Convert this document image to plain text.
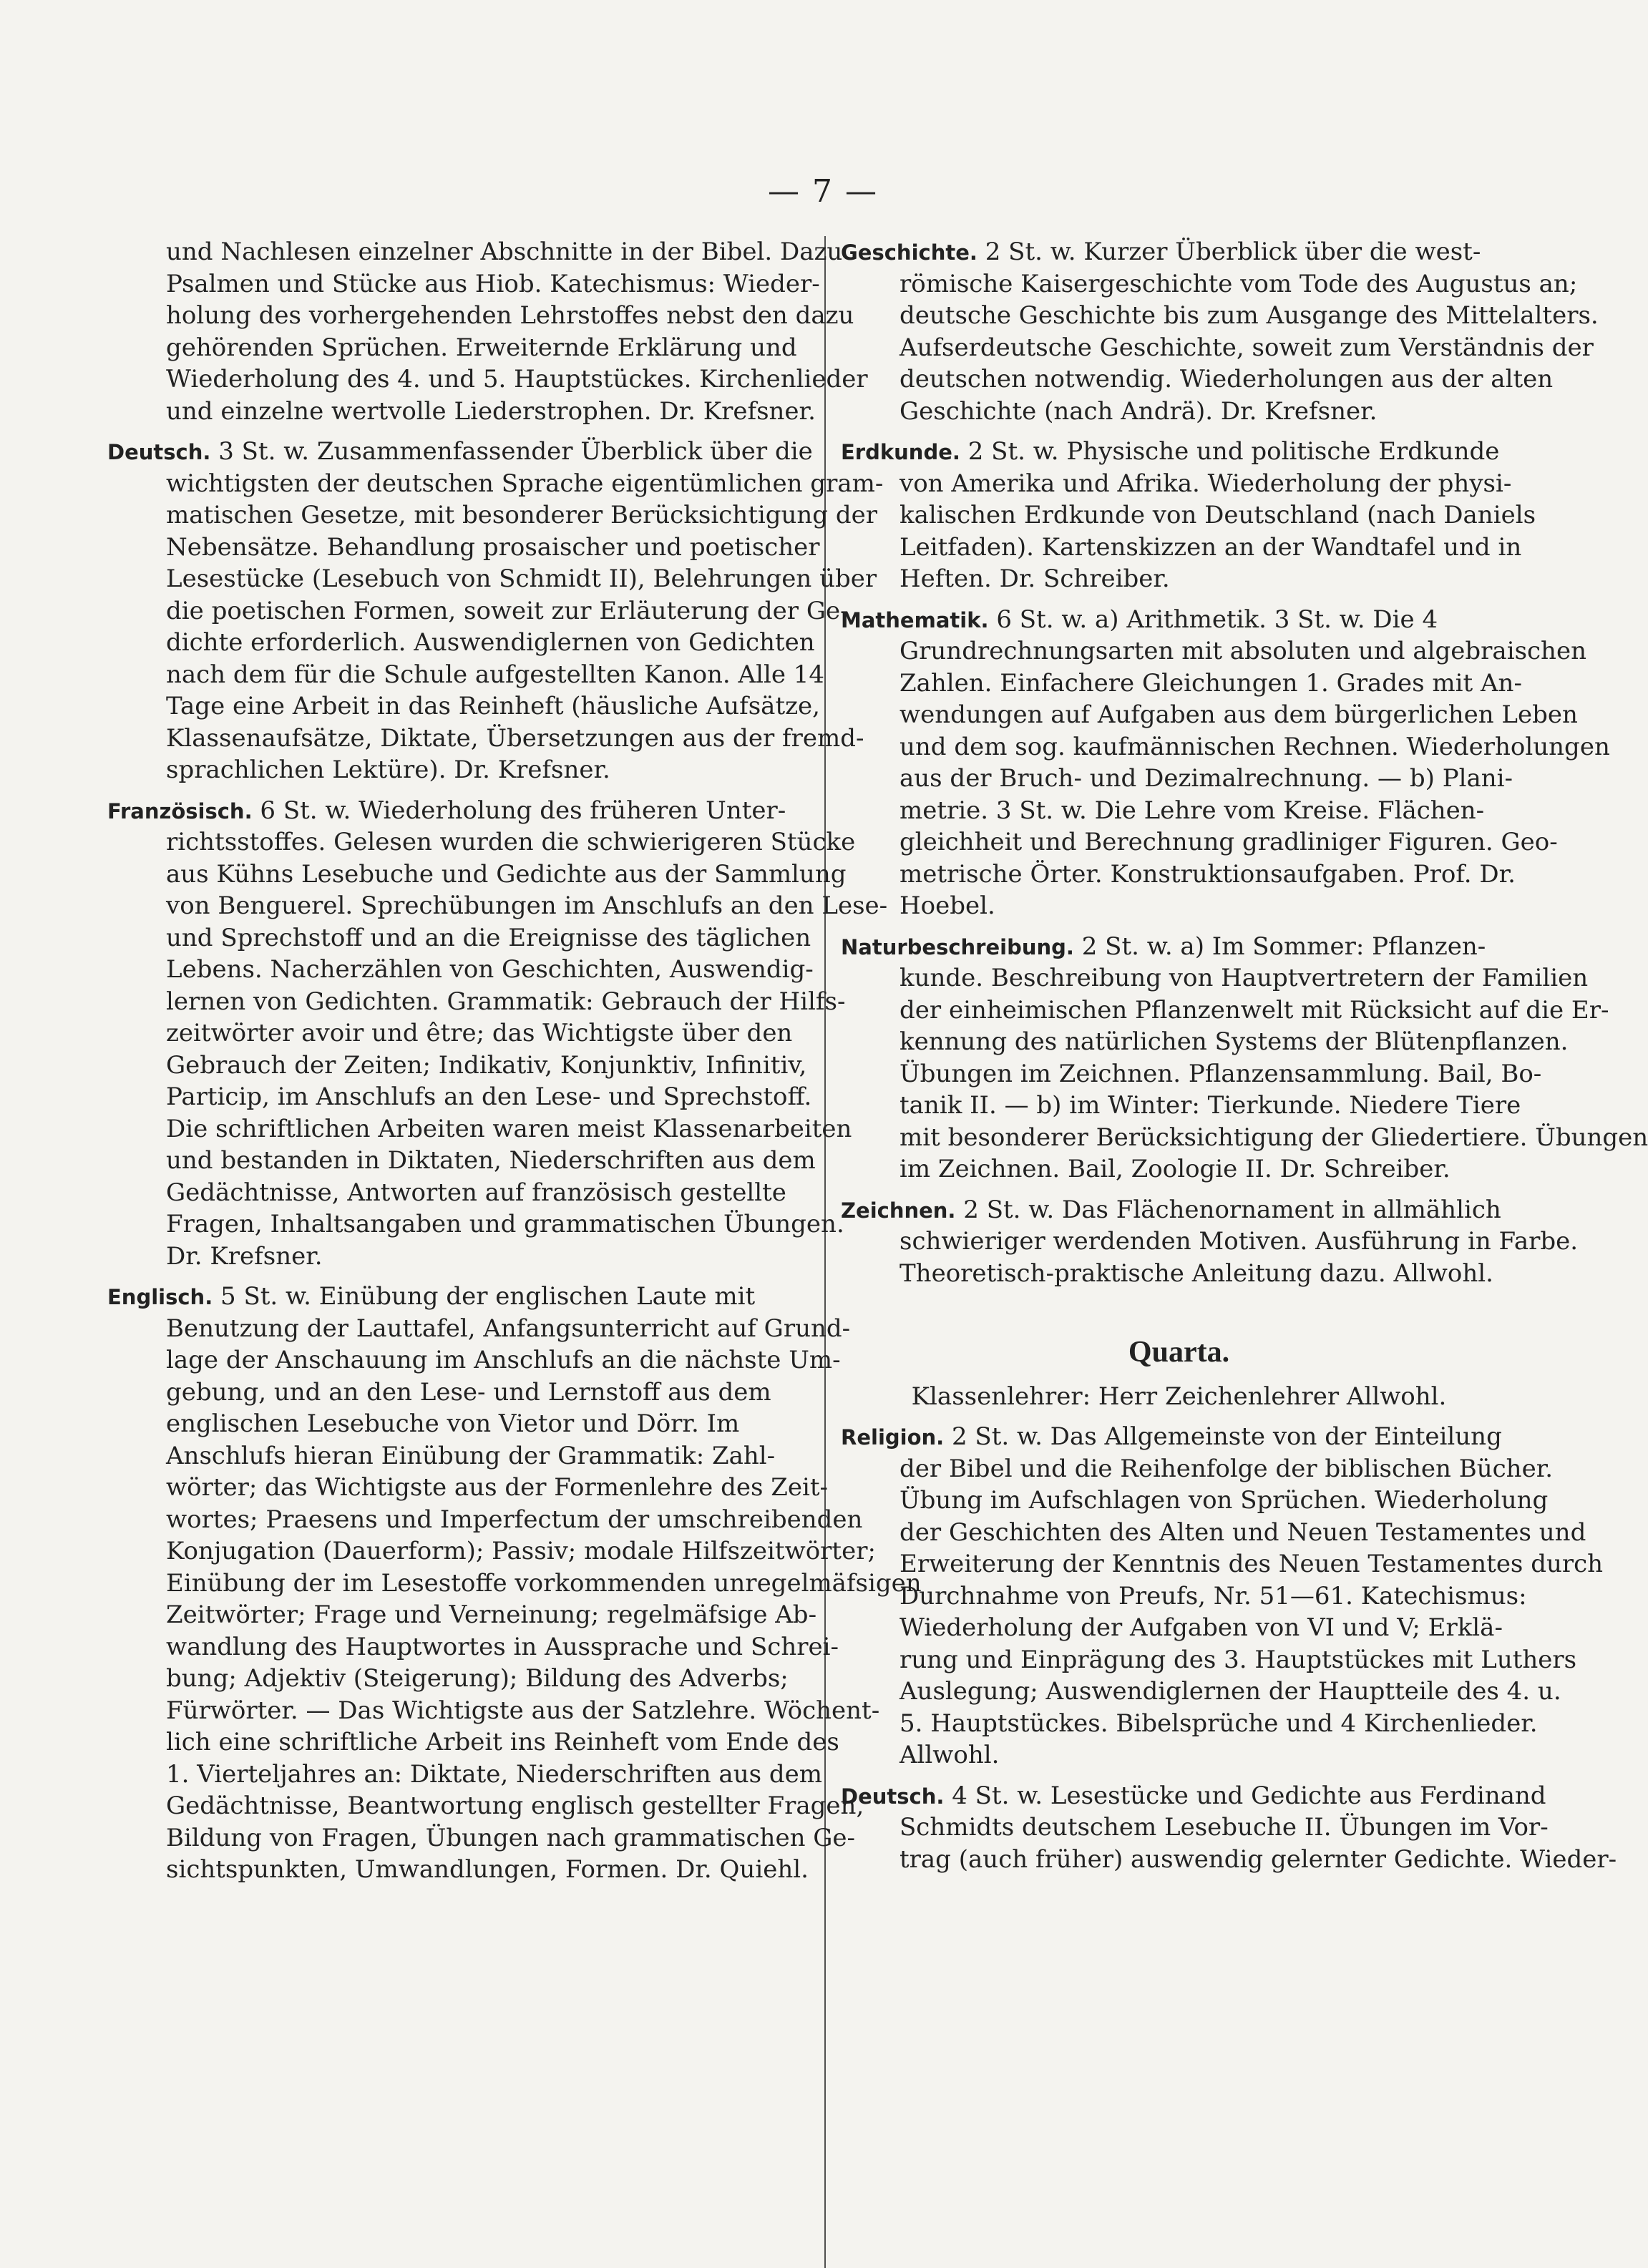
— 7 —
und Nachlesen einzelner Abschnitte in der Bibel. Dazu
Psalmen und Stücke aus Hiob. Katechismus: Wieder-
holung des vorhergehenden Lehrstoffes nebst den dazu
gehörenden Sprüchen. Erweiternde Erklärung und
Wiederholung des 4. und 5. Hauptstückes. Kirchenlieder
und einzelne wertvolle Liederstrophen. Dr. Krefsner.
Deutsch. 3 St. w. Zusammenfassender Überblick über die
wichtigsten der deutschen Sprache eigentümlichen gram-
matischen Gesetze, mit besonderer Berücksichtigung der
Nebensätze. Behandlung prosaischer und poetischer
Lesestücke (Lesebuch von Schmidt II), Belehrungen über
die poetischen Formen, soweit zur Erläuterung der Ge-
dichte erforderlich. Auswendiglernen von Gedichten
nach dem für die Schule aufgestellten Kanon. Alle 14
Tage eine Arbeit in das Reinheft (häusliche Aufsätze,
Klassenaufsätze, Diktate, Übersetzungen aus der fremd-
sprachlichen Lektüre). Dr. Krefsner.
Französisch. 6 St. w. Wiederholung des früheren Unter-
richtsstoffes. Gelesen wurden die schwierigeren Stücke
aus Kühns Lesebuche und Gedichte aus der Sammlung
von Benguerel. Sprechübungen im Anschlufs an den Lese-
und Sprechstoff und an die Ereignisse des täglichen
Lebens. Nacherzählen von Geschichten, Auswendig-
lernen von Gedichten. Grammatik: Gebrauch der Hilfs-
zeitwörter avoir und être; das Wichtigste über den
Gebrauch der Zeiten; Indikativ, Konjunktiv, Infinitiv,
Particip, im Anschlufs an den Lese- und Sprechstoff.
Die schriftlichen Arbeiten waren meist Klassenarbeiten
und bestanden in Diktaten, Niederschriften aus dem
Gedächtnisse, Antworten auf französisch gestellte
Fragen, Inhaltsangaben und grammatischen Übungen.
Dr. Krefsner.
Englisch. 5 St. w. Einübung der englischen Laute mit
Benutzung der Lauttafel, Anfangsunterricht auf Grund-
lage der Anschauung im Anschlufs an die nächste Um-
gebung, und an den Lese- und Lernstoff aus dem
englischen Lesebuche von Vietor und Dörr. Im
Anschlufs hieran Einübung der Grammatik: Zahl-
wörter; das Wichtigste aus der Formenlehre des Zeit-
wortes; Praesens und Imperfectum der umschreibenden
Konjugation (Dauerform); Passiv; modale Hilfszeitwörter;
Einübung der im Lesestoffe vorkommenden unregelmäfsigen
Zeitwörter; Frage und Verneinung; regelmäfsige Ab-
wandlung des Hauptwortes in Aussprache und Schrei-
bung; Adjektiv (Steigerung); Bildung des Adverbs;
Fürwörter. — Das Wichtigste aus der Satzlehre. Wöchent-
lich eine schriftliche Arbeit ins Reinheft vom Ende des
1. Vierteljahres an: Diktate, Niederschriften aus dem
Gedächtnisse, Beantwortung englisch gestellter Fragen,
Bildung von Fragen, Übungen nach grammatischen Ge-
sichtspunkten, Umwandlungen, Formen. Dr. Quiehl.
Geschichte. 2 St. w. Kurzer Überblick über die west-
römische Kaisergeschichte vom Tode des Augustus an;
deutsche Geschichte bis zum Ausgange des Mittelalters.
Aufserdeutsche Geschichte, soweit zum Verständnis der
deutschen notwendig. Wiederholungen aus der alten
Geschichte (nach Andrä). Dr. Krefsner.
Erdkunde. 2 St. w. Physische und politische Erdkunde
von Amerika und Afrika. Wiederholung der physi-
kalischen Erdkunde von Deutschland (nach Daniels
Leitfaden). Kartenskizzen an der Wandtafel und in
Heften. Dr. Schreiber.
Mathematik. 6 St. w. a) Arithmetik. 3 St. w. Die 4
Grundrechnungsarten mit absoluten und algebraischen
Zahlen. Einfachere Gleichungen 1. Grades mit An-
wendungen auf Aufgaben aus dem bürgerlichen Leben
und dem sog. kaufmännischen Rechnen. Wiederholungen
aus der Bruch- und Dezimalrechnung. — b) Plani-
metrie. 3 St. w. Die Lehre vom Kreise. Flächen-
gleichheit und Berechnung gradliniger Figuren. Geo-
metrische Örter. Konstruktionsaufgaben. Prof. Dr.
Hoebel.
Naturbeschreibung. 2 St. w. a) Im Sommer: Pflanzen-
kunde. Beschreibung von Hauptvertretern der Familien
der einheimischen Pflanzenwelt mit Rücksicht auf die Er-
kennung des natürlichen Systems der Blütenpflanzen.
Übungen im Zeichnen. Pflanzensammlung. Bail, Bo-
tanik II. — b) im Winter: Tierkunde. Niedere Tiere
mit besonderer Berücksichtigung der Gliedertiere. Übungen
im Zeichnen. Bail, Zoologie II. Dr. Schreiber.
Zeichnen. 2 St. w. Das Flächenornament in allmählich
schwieriger werdenden Motiven. Ausführung in Farbe.
Theoretisch-praktische Anleitung dazu. Allwohl.
Quarta.
Klassenlehrer: Herr Zeichenlehrer Allwohl.
Religion. 2 St. w. Das Allgemeinste von der Einteilung
der Bibel und die Reihenfolge der biblischen Bücher.
Übung im Aufschlagen von Sprüchen. Wiederholung
der Geschichten des Alten und Neuen Testamentes und
Erweiterung der Kenntnis des Neuen Testamentes durch
Durchnahme von Preufs, Nr. 51—61. Katechismus:
Wiederholung der Aufgaben von VI und V; Erklä-
rung und Einprägung des 3. Hauptstückes mit Luthers
Auslegung; Auswendiglernen der Hauptteile des 4. u.
5. Hauptstückes. Bibelsprüche und 4 Kirchenlieder.
Allwohl.
Deutsch. 4 St. w. Lesestücke und Gedichte aus Ferdinand
Schmidts deutschem Lesebuche II. Übungen im Vor-
trag (auch früher) auswendig gelernter Gedichte. Wieder-
